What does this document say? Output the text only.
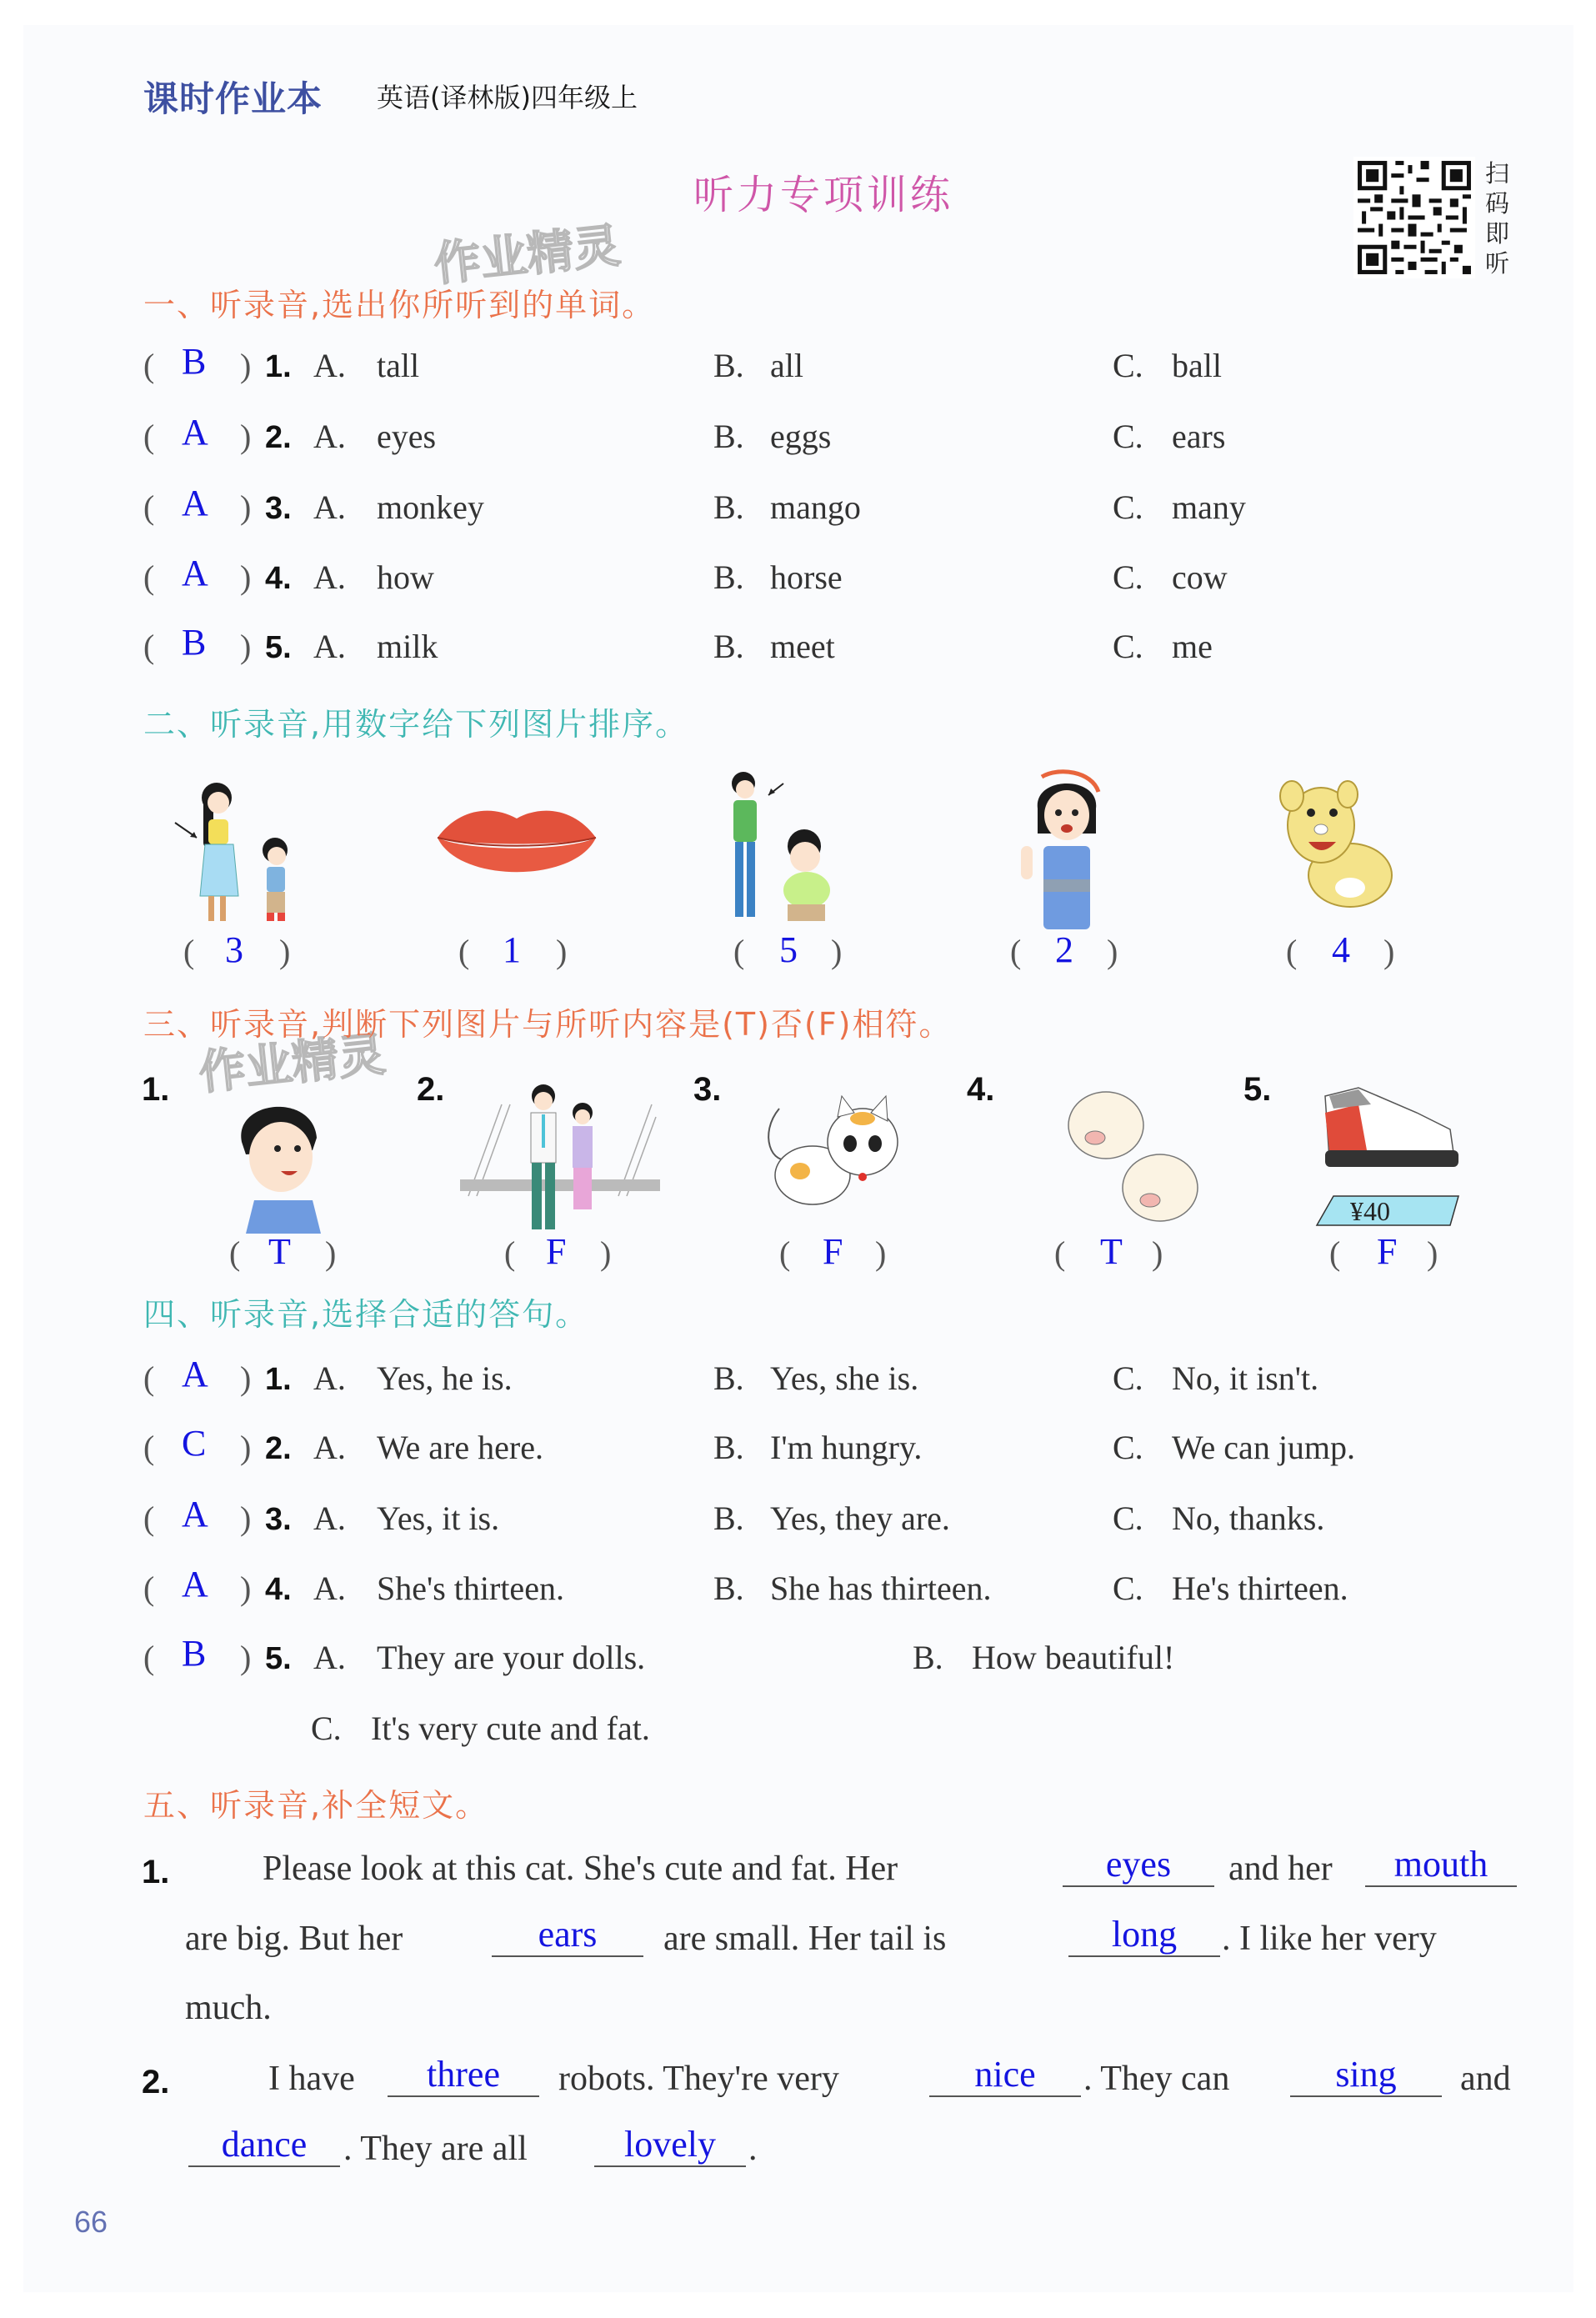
课时作业本 英语(译林版)四年级上
听力专项训练	扫码即听
作业精灵
作业精灵
一、听录音,选出你所听到的单词。
( B ) 1. A. tall	B. all	C. ball
( A ) 2. A. eyes	B. eggs	C. ears
( A ) 3. A. monkey	B. mango	C. many
( A ) 4. A. how	B. horse	C. cow
( B ) 5. A. milk	B. meet	C. me
二、听录音,用数字给下列图片排序。
( 3 )	( 1 )	( 5 )	( 2 )	( 4 )
三、听录音,判断下列图片与所听内容是(T)否(F)相符。
1.	2.	3.	4.	5.
¥40
( T )	( F )	( F )	( T )	( F )
四、听录音,选择合适的答句。
( A ) 1. A. Yes, he is.	B. Yes, she is.	C. No, it isn't.
( C ) 2. A. We are here.	B. I'm hungry.	C. We can jump.
( A ) 3. A. Yes, it is.	B. Yes, they are.	C. No, thanks.
( A ) 4. A. She's thirteen.	B. She has thirteen.	C. He's thirteen.
( B ) 5. A. They are your dolls.	B. How beautiful!
C. It's very cute and fat.
五、听录音,补全短文。
1.	Please look at this cat. She's cute and fat. Her	eyes	and her	mouth
are big. But her	ears	are small. Her tail is	long	. I like her very
much.
2.	I have	three	robots. They're very	nice	. They can	sing	and
dance	. They are all	lovely .
66
